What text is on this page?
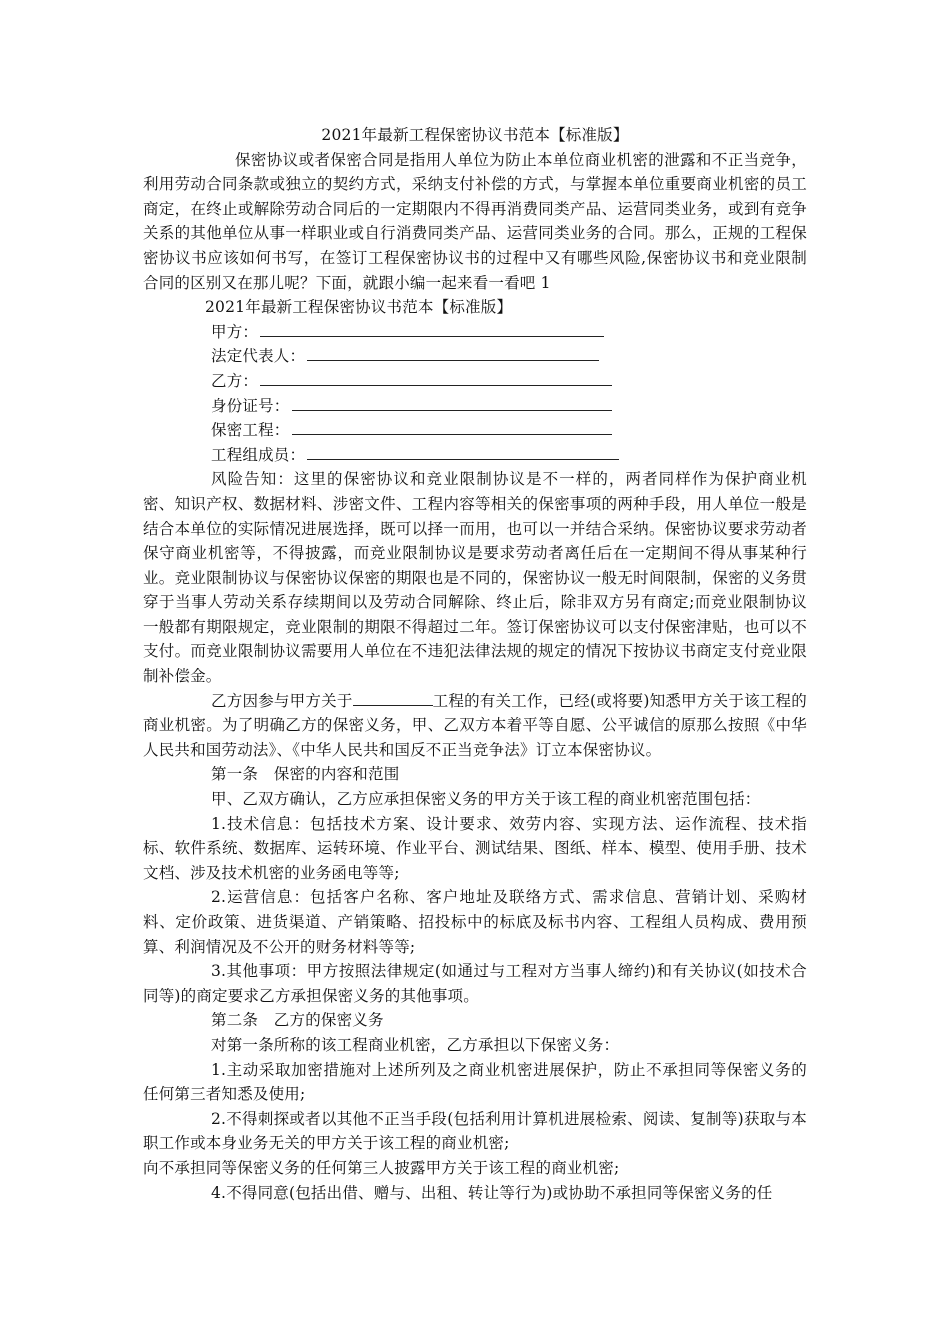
2021年最新工程保密协议书范本【标准版】

保密协议或者保密合同是指用人单位为防止本单位商业机密的泄露和不正当竞争，利用劳动合同条款或独立的契约方式，采纳支付补偿的方式，与掌握本单位重要商业机密的员工商定，在终止或解除劳动合同后的一定期限内不得再消费同类产品、运营同类业务，或到有竞争关系的其他单位从事一样职业或自行消费同类产品、运营同类业务的合同。那么，正规的工程保密协议书应该如何书写，在签订工程保密协议书的过程中又有哪些风险,保密协议书和竞业限制合同的区别又在那儿呢？下面，就跟小编一起来看一看吧 1

2021年最新工程保密协议书范本【标准版】

甲方：

法定代表人：

乙方：

身份证号：

保密工程：

工程组成员：

风险告知：这里的保密协议和竞业限制协议是不一样的，两者同样作为保护商业机密、知识产权、数据材料、涉密文件、工程内容等相关的保密事项的两种手段，用人单位一般是结合本单位的实际情况进展选择，既可以择一而用，也可以一并结合采纳。保密协议要求劳动者保守商业机密等，不得披露，而竞业限制协议是要求劳动者离任后在一定期间不得从事某种行业。竞业限制协议与保密协议保密的期限也是不同的，保密协议一般无时间限制，保密的义务贯穿于当事人劳动关系存续期间以及劳动合同解除、终止后，除非双方另有商定;而竞业限制协议一般都有期限规定，竞业限制的期限不得超过二年。签订保密协议可以支付保密津贴，也可以不支付。而竞业限制协议需要用人单位在不违犯法律法规的规定的情况下按协议书商定支付竞业限制补偿金。

乙方因参与甲方关于	工程的有关工作，已经(或将要)知悉甲方关于该工程的商业机密。为了明确乙方的保密义务，甲、乙双方本着平等自愿、公平诚信的原那么按照《中华人民共和国劳动法》、《中华人民共和国反不正当竞争法》订立本保密协议。

第一条　保密的内容和范围

甲、乙双方确认，乙方应承担保密义务的甲方关于该工程的商业机密范围包括：

1.技术信息：包括技术方案、设计要求、效劳内容、实现方法、运作流程、技术指标、软件系统、数据库、运转环境、作业平台、测试结果、图纸、样本、模型、使用手册、技术文档、涉及技术机密的业务函电等等;

2.运营信息：包括客户名称、客户地址及联络方式、需求信息、营销计划、采购材料、定价政策、进货渠道、产销策略、招投标中的标底及标书内容、工程组人员构成、费用预算、利润情况及不公开的财务材料等等;

3.其他事项：甲方按照法律规定(如通过与工程对方当事人缔约)和有关协议(如技术合同等)的商定要求乙方承担保密义务的其他事项。

第二条　乙方的保密义务

对第一条所称的该工程商业机密，乙方承担以下保密义务：

1.主动采取加密措施对上述所列及之商业机密进展保护，防止不承担同等保密义务的任何第三者知悉及使用;

2.不得刺探或者以其他不正当手段(包括利用计算机进展检索、阅读、复制等)获取与本职工作或本身业务无关的甲方关于该工程的商业机密;

向不承担同等保密义务的任何第三人披露甲方关于该工程的商业机密;

4.不得同意(包括出借、赠与、出租、转让等行为)或协助不承担同等保密义务的任
